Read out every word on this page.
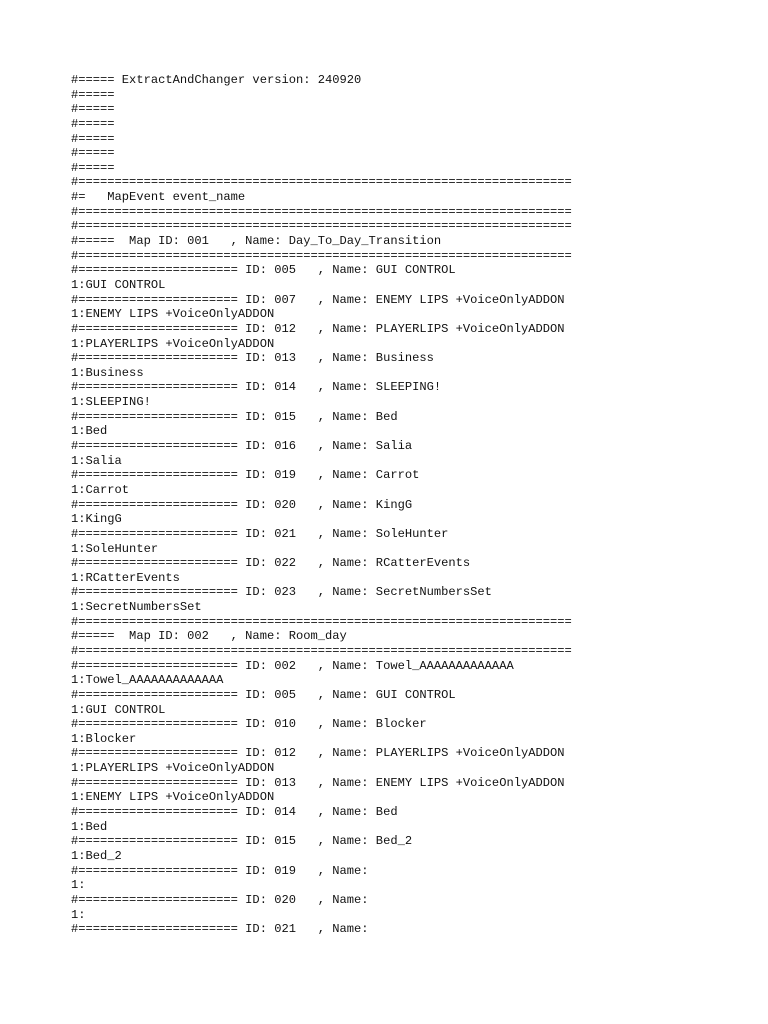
#===== ExtractAndChanger version: 240920
#=====
#=====
#=====
#=====
#=====
#=====
#====================================================================
#=   MapEvent event_name
#====================================================================
#====================================================================
#=====  Map ID: 001   , Name: Day_To_Day_Transition
#====================================================================
#====================== ID: 005   , Name: GUI CONTROL
1:GUI CONTROL
#====================== ID: 007   , Name: ENEMY LIPS +VoiceOnlyADDON
1:ENEMY LIPS +VoiceOnlyADDON
#====================== ID: 012   , Name: PLAYERLIPS +VoiceOnlyADDON
1:PLAYERLIPS +VoiceOnlyADDON
#====================== ID: 013   , Name: Business
1:Business
#====================== ID: 014   , Name: SLEEPING!
1:SLEEPING!
#====================== ID: 015   , Name: Bed
1:Bed
#====================== ID: 016   , Name: Salia
1:Salia
#====================== ID: 019   , Name: Carrot
1:Carrot
#====================== ID: 020   , Name: KingG
1:KingG
#====================== ID: 021   , Name: SoleHunter
1:SoleHunter
#====================== ID: 022   , Name: RCatterEvents
1:RCatterEvents
#====================== ID: 023   , Name: SecretNumbersSet
1:SecretNumbersSet
#====================================================================
#=====  Map ID: 002   , Name: Room_day
#====================================================================
#====================== ID: 002   , Name: Towel_AAAAAAAAAAAAA
1:Towel_AAAAAAAAAAAAA
#====================== ID: 005   , Name: GUI CONTROL
1:GUI CONTROL
#====================== ID: 010   , Name: Blocker
1:Blocker
#====================== ID: 012   , Name: PLAYERLIPS +VoiceOnlyADDON
1:PLAYERLIPS +VoiceOnlyADDON
#====================== ID: 013   , Name: ENEMY LIPS +VoiceOnlyADDON
1:ENEMY LIPS +VoiceOnlyADDON
#====================== ID: 014   , Name: Bed
1:Bed
#====================== ID: 015   , Name: Bed_2
1:Bed_2
#====================== ID: 019   , Name:
1:
#====================== ID: 020   , Name:
1:
#====================== ID: 021   , Name:
